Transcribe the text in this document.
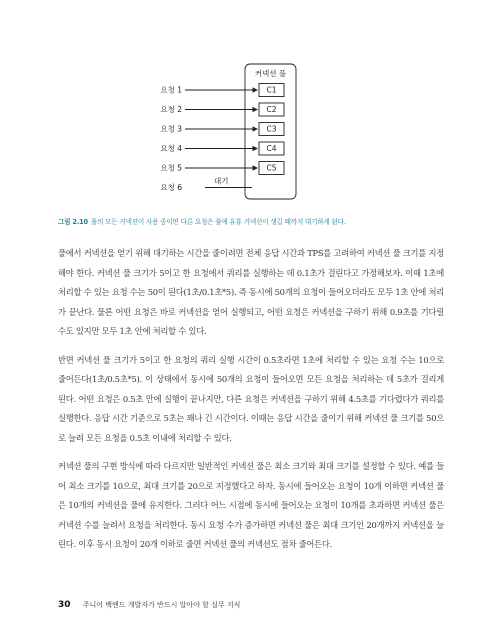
커넥션 풀
대기
요청 1	C1
요청 2	C2
요청 3	C3
요청 4	C4
요청 5	C5
요청 6
그림 2.10 풀의 모든 커넥션이 사용 중이면 다른 요청은 풀에 유휴 커넥션이 생길 때까지 대기하게 된다.

풀에서 커넥션을 얻기 위해 대기하는 시간을 줄이려면 전체 응답 시간과 TPS를 고려하여 커넥션 풀 크기를 지정해야 한다. 커넥션 풀 크기가 5이고 한 요청에서 쿼리를 실행하는 데 0.1초가 걸린다고 가정해보자. 이때 1초에 처리할 수 있는 요청 수는 50이 된다(1초/0.1초*5). 즉 동시에 50개의 요청이 들어오더라도 모두 1초 안에 처리가 끝난다. 물론 어떤 요청은 바로 커넥션을 얻어 실행되고, 어떤 요청은 커넥션을 구하기 위해 0.9초를 기다릴 수도 있지만 모두 1초 안에 처리할 수 있다.

반면 커넥션 풀 크기가 5이고 한 요청의 쿼리 실행 시간이 0.5초라면 1초에 처리할 수 있는 요청 수는 10으로 줄어든다(1초/0.5초*5). 이 상태에서 동시에 50개의 요청이 들어오면 모든 요청을 처리하는 데 5초가 걸리게 된다. 어떤 요청은 0.5초 만에 실행이 끝나지만, 다른 요청은 커넥션을 구하기 위해 4.5초를 기다렸다가 쿼리를 실행한다. 응답 시간 기준으로 5초는 꽤나 긴 시간이다. 이때는 응답 시간을 줄이기 위해 커넥션 풀 크기를 50으로 늘려 모든 요청을 0.5초 이내에 처리할 수 있다.

커넥션 풀의 구현 방식에 따라 다르지만 일반적인 커넥션 풀은 최소 크기와 최대 크기를 설정할 수 있다. 예를 들어 최소 크기를 10으로, 최대 크기를 20으로 지정했다고 하자. 동시에 들어오는 요청이 10개 이하면 커넥션 풀은 10개의 커넥션을 풀에 유지한다. 그러다 어느 시점에 동시에 들어오는 요청이 10개를 초과하면 커넥션 풀은 커넥션 수를 늘려서 요청을 처리한다. 동시 요청 수가 증가하면 커넥션 풀은 최대 크기인 20개까지 커넥션을 늘린다. 이후 동시 요청이 20개 이하로 줄면 커넥션 풀의 커넥션도 점차 줄어든다.

30 주니어 백엔드 개발자가 반드시 알아야 할 실무 지식
